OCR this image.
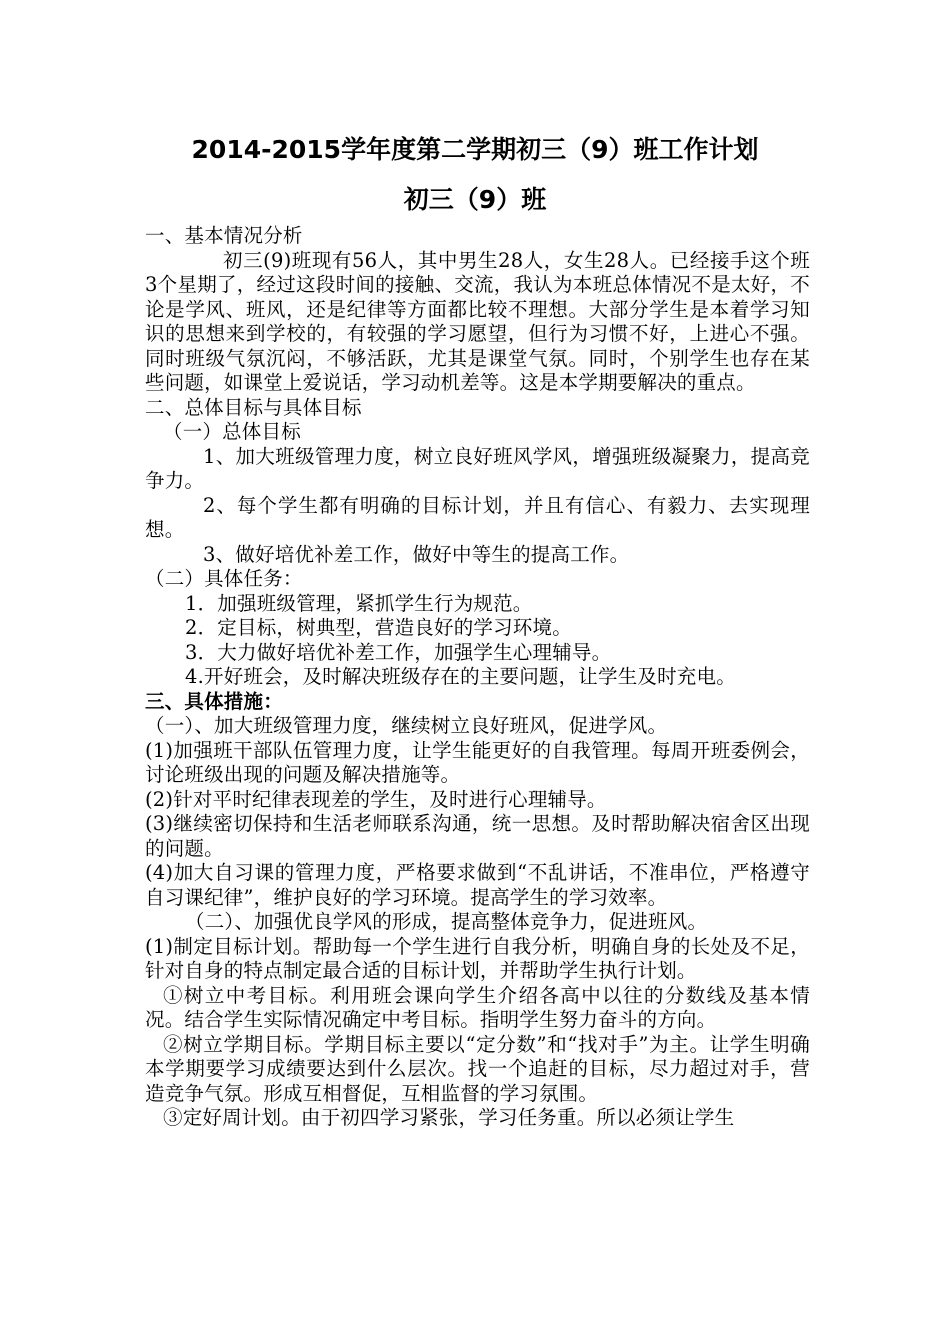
2014-2015学年度第二学期初三（9）班工作计划
初三（9）班

一、基本情况分析

初三(9)班现有56人，其中男生28人，女生28人。已经接手这个班3个星期了，经过这段时间的接触、交流，我认为本班总体情况不是太好，不论是学风、班风，还是纪律等方面都比较不理想。大部分学生是本着学习知识的思想来到学校的，有较强的学习愿望，但行为习惯不好，上进心不强。同时班级气氛沉闷，不够活跃，尤其是课堂气氛。同时，个别学生也存在某些问题，如课堂上爱说话，学习动机差等。这是本学期要解决的重点。

二、总体目标与具体目标

（一）总体目标

1、加大班级管理力度，树立良好班风学风，增强班级凝聚力，提高竞争力。

2、每个学生都有明确的目标计划，并且有信心、有毅力、去实现理想。

3、做好培优补差工作，做好中等生的提高工作。

（二）具体任务：

1．加强班级管理，紧抓学生行为规范。

2．定目标，树典型，营造良好的学习环境。

3．大力做好培优补差工作，加强学生心理辅导。

4.开好班会，及时解决班级存在的主要问题，让学生及时充电。

三、具体措施：

（一）、加大班级管理力度，继续树立良好班风，促进学风。

(1)加强班干部队伍管理力度，让学生能更好的自我管理。每周开班委例会，讨论班级出现的问题及解决措施等。

(2)针对平时纪律表现差的学生，及时进行心理辅导。

(3)继续密切保持和生活老师联系沟通，统一思想。及时帮助解决宿舍区出现的问题。

(4)加大自习课的管理力度，严格要求做到“不乱讲话，不准串位，严格遵守自习课纪律”，维护良好的学习环境。提高学生的学习效率。

（二）、加强优良学风的形成，提高整体竞争力，促进班风。

(1)制定目标计划。帮助每一个学生进行自我分析，明确自身的长处及不足，针对自身的特点制定最合适的目标计划，并帮助学生执行计划。

①树立中考目标。利用班会课向学生介绍各高中以往的分数线及基本情况。结合学生实际情况确定中考目标。指明学生努力奋斗的方向。

②树立学期目标。学期目标主要以“定分数”和“找对手”为主。让学生明确本学期要学习成绩要达到什么层次。找一个追赶的目标，尽力超过对手，营造竞争气氛。形成互相督促，互相监督的学习氛围。

③定好周计划。由于初四学习紧张，学习任务重。所以必须让学生
